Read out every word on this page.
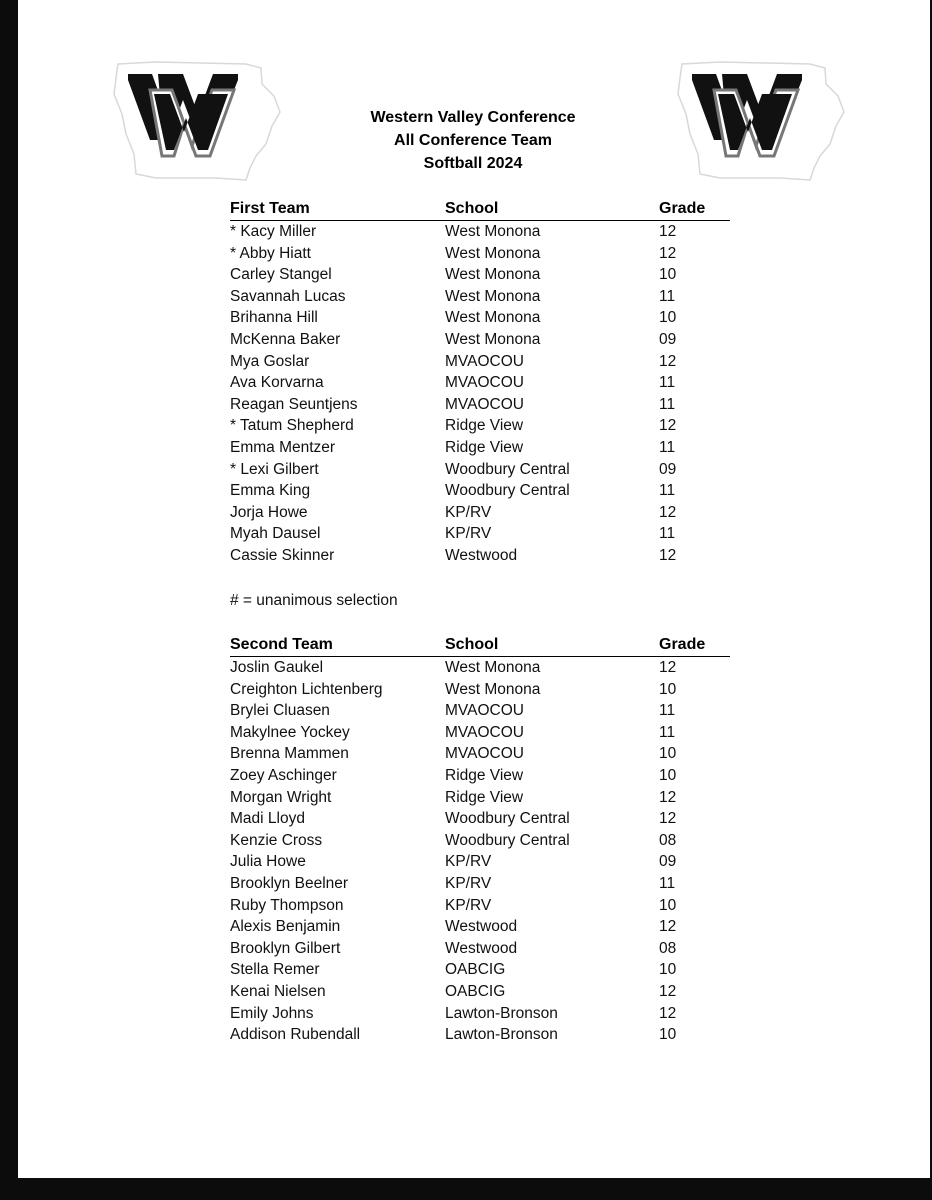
Western Valley Conference
All Conference Team
Softball 2024
First Team	School	Grade
* Kacy Miller	West Monona	12
* Abby Hiatt	West Monona	12
Carley Stangel	West Monona	10
Savannah Lucas	West Monona	11
Brihanna Hill	West Monona	10
McKenna Baker	West Monona	09
Mya Goslar	MVAOCOU	12
Ava Korvarna	MVAOCOU	11
Reagan Seuntjens	MVAOCOU	11
* Tatum Shepherd	Ridge View	12
Emma Mentzer	Ridge View	11
* Lexi Gilbert	Woodbury Central	09
Emma King	Woodbury Central	11
Jorja Howe	KP/RV	12
Myah Dausel	KP/RV	11
Cassie Skinner	Westwood	12
# = unanimous selection
Second Team	School	Grade
Joslin Gaukel	West Monona	12
Creighton Lichtenberg	West Monona	10
Brylei Cluasen	MVAOCOU	11
Makylnee Yockey	MVAOCOU	11
Brenna Mammen	MVAOCOU	10
Zoey Aschinger	Ridge View	10
Morgan Wright	Ridge View	12
Madi Lloyd	Woodbury Central	12
Kenzie Cross	Woodbury Central	08
Julia Howe	KP/RV	09
Brooklyn Beelner	KP/RV	11
Ruby Thompson	KP/RV	10
Alexis Benjamin	Westwood	12
Brooklyn Gilbert	Westwood	08
Stella Remer	OABCIG	10
Kenai Nielsen	OABCIG	12
Emily Johns	Lawton-Bronson	12
Addison Rubendall	Lawton-Bronson	10
